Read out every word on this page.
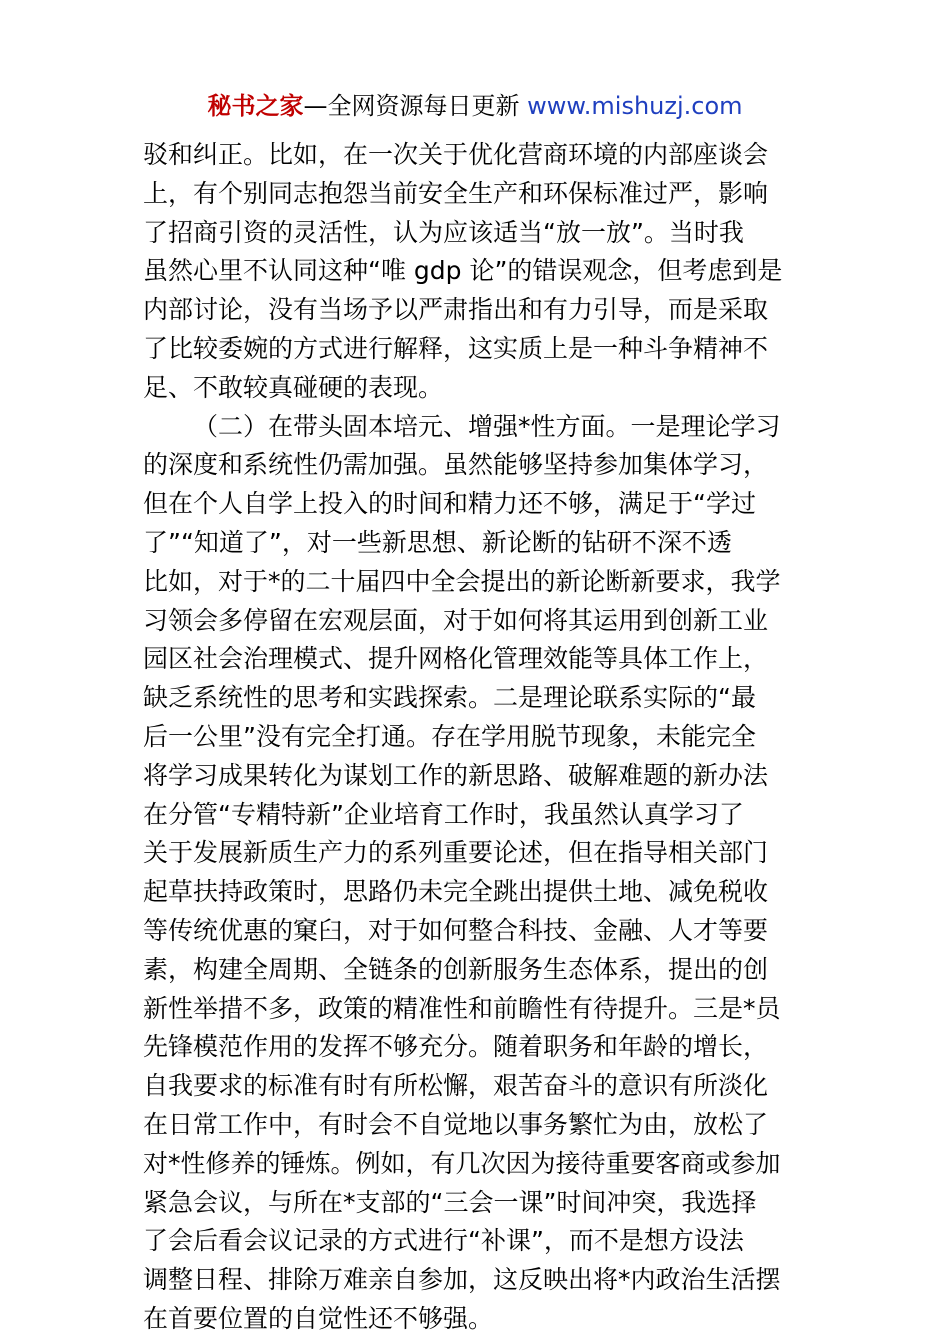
秘书之家—全网资源每日更新 www.mishuzj.com
驳和纠正。比如，在一次关于优化营商环境的内部座谈会
上，有个别同志抱怨当前安全生产和环保标准过严，影响
了招商引资的灵活性，认为应该适当“放一放”。当时我
虽然心里不认同这种“唯 gdp 论”的错误观念，但考虑到是
内部讨论，没有当场予以严肃指出和有力引导，而是采取
了比较委婉的方式进行解释，这实质上是一种斗争精神不
足、不敢较真碰硬的表现。
（二）在带头固本培元、增强*性方面。一是理论学习
的深度和系统性仍需加强。虽然能够坚持参加集体学习，
但在个人自学上投入的时间和精力还不够，满足于“学过
了”“知道了”，对一些新思想、新论断的钻研不深不透
比如，对于*的二十届四中全会提出的新论断新要求，我学
习领会多停留在宏观层面，对于如何将其运用到创新工业
园区社会治理模式、提升网格化管理效能等具体工作上，
缺乏系统性的思考和实践探索。二是理论联系实际的“最
后一公里”没有完全打通。存在学用脱节现象，未能完全
将学习成果转化为谋划工作的新思路、破解难题的新办法
在分管“专精特新”企业培育工作时，我虽然认真学习了
关于发展新质生产力的系列重要论述，但在指导相关部门
起草扶持政策时，思路仍未完全跳出提供土地、减免税收
等传统优惠的窠臼，对于如何整合科技、金融、人才等要
素，构建全周期、全链条的创新服务生态体系，提出的创
新性举措不多，政策的精准性和前瞻性有待提升。三是*员
先锋模范作用的发挥不够充分。随着职务和年龄的增长，
自我要求的标准有时有所松懈，艰苦奋斗的意识有所淡化
在日常工作中，有时会不自觉地以事务繁忙为由，放松了
对*性修养的锤炼。例如，有几次因为接待重要客商或参加
紧急会议，与所在*支部的“三会一课”时间冲突，我选择
了会后看会议记录的方式进行“补课”，而不是想方设法
调整日程、排除万难亲自参加，这反映出将*内政治生活摆
在首要位置的自觉性还不够强。
